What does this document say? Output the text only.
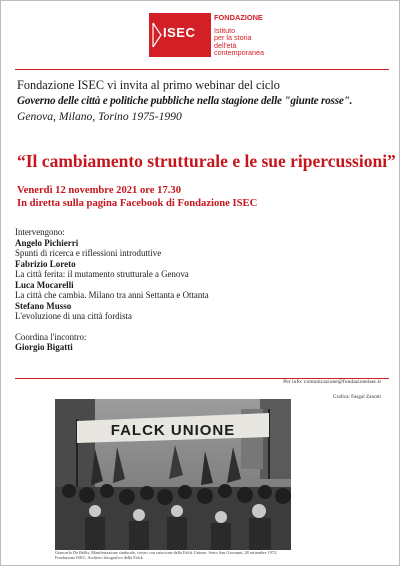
ISEC
FONDAZIONE
Istituto
per la storia
dell'età
contemporanea
Fondazione ISEC vi invita al primo webinar del ciclo
Governo delle città e politiche pubbliche nella stagione delle "giunte rosse".
Genova, Milano, Torino 1975-1990
“Il cambiamento strutturale e le sue ripercussioni”
Venerdì 12 novembre 2021 ore 17.30
In diretta sulla pagina Facebook di Fondazione ISEC
Intervengono:
Angelo Pichierri
Spunti di ricerca e riflessioni introduttive
Fabrizio Loreto
La città ferita: il mutamento strutturale a Genova
Luca Mocarelli
La città che cambia. Milano tra anni Settanta e Ottanta
Stefano Musso
L'evoluzione di una città fordista
Coordina l'incontro:
Giorgio Bigatti
Per info: comunicazione@fondazioneisec.it
Grafica: Fasgal Zanotti
FALCK UNIONE
Giancarlo De Bellis, Manifestazione sindacale, corteo con striscione della Falck Unione, Sesto San Giovanni, 28 settembre 1972.
Fondazione ISEC, Archivio fotografico della Falck
